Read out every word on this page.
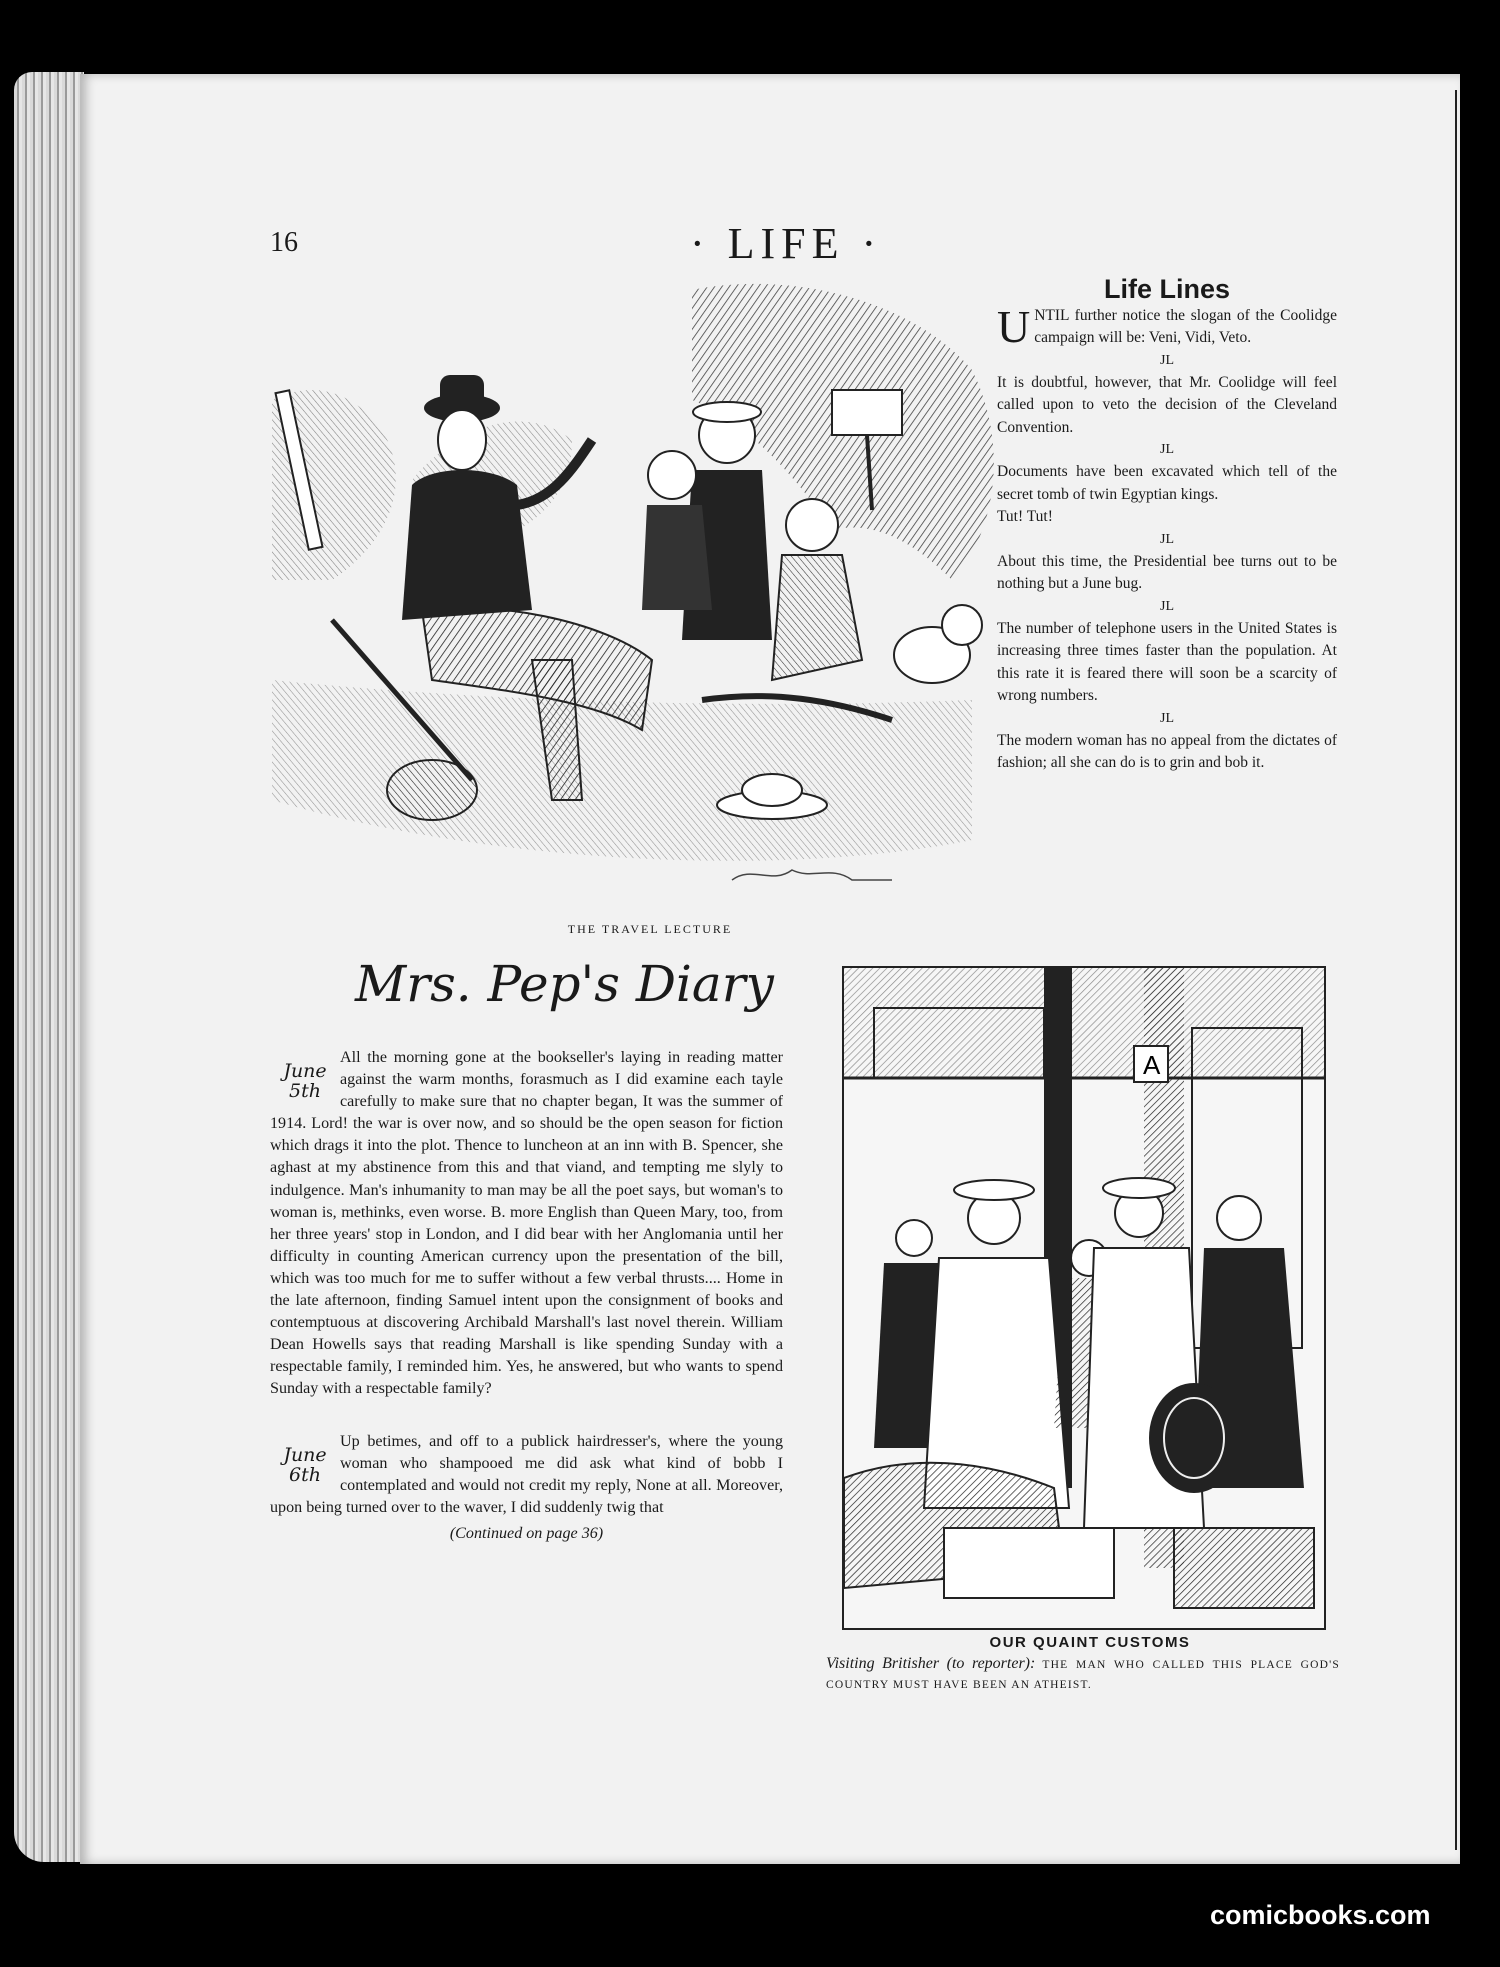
16	· LIFE ·
THE TRAVEL LECTURE
Life Lines

UNTIL further notice the slogan of the Coolidge campaign will be: Veni, Vidi, Veto.

JL

It is doubtful, however, that Mr. Coolidge will feel called upon to veto the decision of the Cleveland Convention.

JL

Documents have been excavated which tell of the secret tomb of twin Egyptian kings.
Tut! Tut!

JL

About this time, the Presidential bee turns out to be nothing but a June bug.

JL

The number of telephone users in the United States is increasing three times faster than the population. At this rate it is feared there will soon be a scarcity of wrong numbers.

JL

The modern woman has no appeal from the dictates of fashion; all she can do is to grin and bob it.

Mrs. Pep's Diary
June
5th
All the morning gone at the bookseller's laying in reading matter against the warm months, forasmuch as I did examine each tayle carefully to make sure that no chapter began, It was the summer of 1914. Lord! the war is over now, and so should be the open season for fiction which drags it into the plot. Thence to luncheon at an inn with B. Spencer, she aghast at my abstinence from this and that viand, and tempting me slyly to indulgence. Man's inhumanity to man may be all the poet says, but woman's to woman is, methinks, even worse. B. more English than Queen Mary, too, from her three years' stop in London, and I did bear with her Anglomania until her difficulty in counting American currency upon the presentation of the bill, which was too much for me to suffer without a few verbal thrusts.... Home in the late afternoon, finding Samuel intent upon the consignment of books and contemptuous at discovering Archibald Marshall's last novel therein. William Dean Howells says that reading Marshall is like spending Sunday with a respectable family, I reminded him. Yes, he answered, but who wants to spend Sunday with a respectable family?
June
6th
Up betimes, and off to a publick hairdresser's, where the young woman who shampooed me did ask what kind of bobb I contemplated and would not credit my reply, None at all. Moreover, upon being turned over to the waver, I did suddenly twig that
(Continued on page 36)
A
OUR QUAINT CUSTOMS
Visiting Britisher (to reporter): THE MAN WHO CALLED THIS PLACE GOD'S COUNTRY MUST HAVE BEEN AN ATHEIST.
comicbooks.com
